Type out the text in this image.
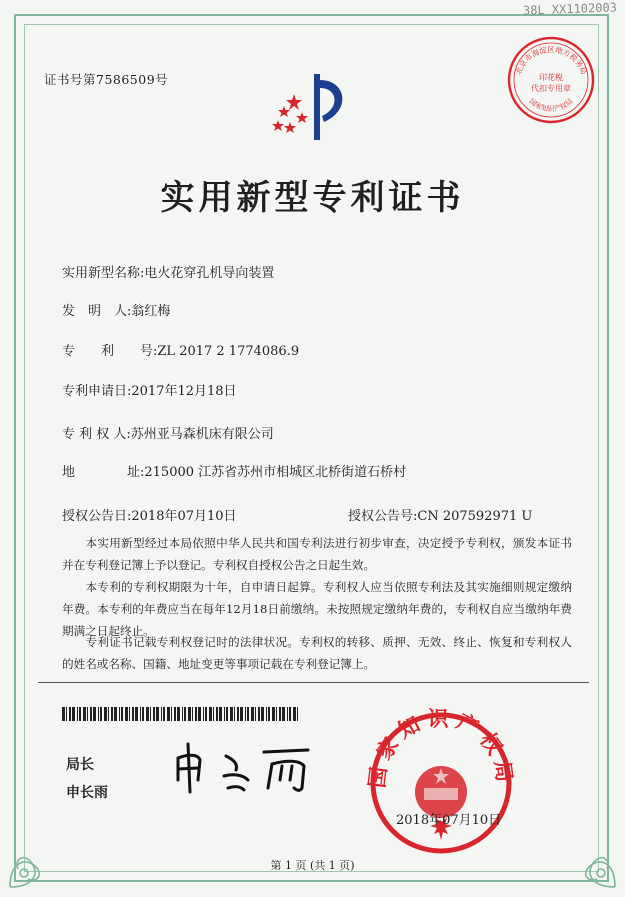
38L XX1102003
证书号第7586509号
北京市海淀区地方税务局
印花税
代扣专用章
国家知识产权局
实用新型专利证书
实用新型名称:电火花穿孔机导向装置
发　明　人:翁红梅
专　　利　　号:ZL 2017 2 1774086.9
专利申请日:2017年12月18日
专 利 权 人:苏州亚马森机床有限公司
地　　　　址:215000 江苏省苏州市相城区北桥街道石桥村
授权公告日:2018年07月10日	授权公告号:CN 207592971 U
  本实用新型经过本局依照中华人民共和国专利法进行初步审查，决定授予专利权，颁发本证书并在专利登记簿上予以登记。专利权自授权公告之日起生效。
  本专利的专利权期限为十年，自申请日起算。专利权人应当依照专利法及其实施细则规定缴纳年费。本专利的年费应当在每年12月18日前缴纳。未按照规定缴纳年费的，专利权自应当缴纳年费期满之日起终止。
  专利证书记载专利权登记时的法律状况。专利权的转移、质押、无效、终止、恢复和专利权人的姓名或名称、国籍、地址变更等事项记载在专利登记簿上。
局长
申长雨
国家知识产权局
2018年07月10日
第 1 页 (共 1 页)
